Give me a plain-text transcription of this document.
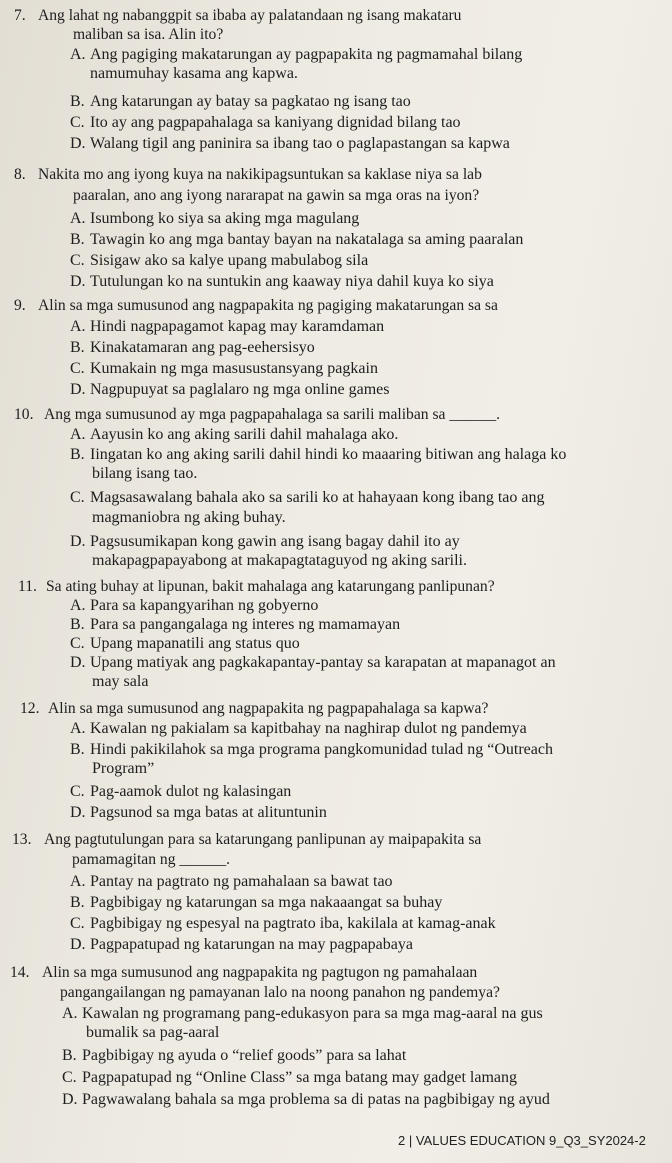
7. Ang lahat ng nabanggpit sa ibaba ay palatandaan ng isang makataru
maliban sa isa. Alin ito?
A. Ang pagiging makatarungan ay pagpapakita ng pagmamahal bilang
namumuhay kasama ang kapwa.
B. Ang katarungan ay batay sa pagkatao ng isang tao
C. Ito ay ang pagpapahalaga sa kaniyang dignidad bilang tao
D. Walang tigil ang paninira sa ibang tao o paglapastangan sa kapwa
8. Nakita mo ang iyong kuya na nakikipagsuntukan sa kaklase niya sa lab
paaralan, ano ang iyong nararapat na gawin sa mga oras na iyon?
A. Isumbong ko siya sa aking mga magulang
B. Tawagin ko ang mga bantay bayan na nakatalaga sa aming paaralan
C. Sisigaw ako sa kalye upang mabulabog sila
D. Tutulungan ko na suntukin ang kaaway niya dahil kuya ko siya
9. Alin sa mga sumusunod ang nagpapakita ng pagiging makatarungan sa sa
A. Hindi nagpapagamot kapag may karamdaman
B. Kinakatamaran ang pag-eehersisyo
C. Kumakain ng mga masusustansyang pagkain
D. Nagpupuyat sa paglalaro ng mga online games
10. Ang mga sumusunod ay mga pagpapahalaga sa sarili maliban sa ______.
A. Aayusin ko ang aking sarili dahil mahalaga ako.
B. Iingatan ko ang aking sarili dahil hindi ko maaaring bitiwan ang halaga ko
bilang isang tao.
C. Magsasawalang bahala ako sa sarili ko at hahayaan kong ibang tao ang
magmaniobra ng aking buhay.
D. Pagsusumikapan kong gawin ang isang bagay dahil ito ay
makapagpapayabong at makapagtataguyod ng aking sarili.
11. Sa ating buhay at lipunan, bakit mahalaga ang katarungang panlipunan?
A. Para sa kapangyarihan ng gobyerno
B. Para sa pangangalaga ng interes ng mamamayan
C. Upang mapanatili ang status quo
D. Upang matiyak ang pagkakapantay-pantay sa karapatan at mapanagot an
may sala
12. Alin sa mga sumusunod ang nagpapakita ng pagpapahalaga sa kapwa?
A. Kawalan ng pakialam sa kapitbahay na naghirap dulot ng pandemya
B. Hindi pakikilahok sa mga programa pangkomunidad tulad ng “Outreach
Program”
C. Pag-aamok dulot ng kalasingan
D. Pagsunod sa mga batas at alituntunin
13. Ang pagtutulungan para sa katarungang panlipunan ay maipapakita sa
pamamagitan ng ______.
A. Pantay na pagtrato ng pamahalaan sa bawat tao
B. Pagbibigay ng katarungan sa mga nakaaangat sa buhay
C. Pagbibigay ng espesyal na pagtrato iba, kakilala at kamag-anak
D. Pagpapatupad ng katarungan na may pagpapabaya
14. Alin sa mga sumusunod ang nagpapakita ng pagtugon ng pamahalaan
pangangailangan ng pamayanan lalo na noong panahon ng pandemya?
A. Kawalan ng programang pang-edukasyon para sa mga mag-aaral na gus
bumalik sa pag-aaral
B. Pagbibigay ng ayuda o “relief goods” para sa lahat
C. Pagpapatupad ng “Online Class” sa mga batang may gadget lamang
D. Pagwawalang bahala sa mga problema sa di patas na pagbibigay ng ayud
2 | VALUES EDUCATION 9_Q3_SY2024-2
